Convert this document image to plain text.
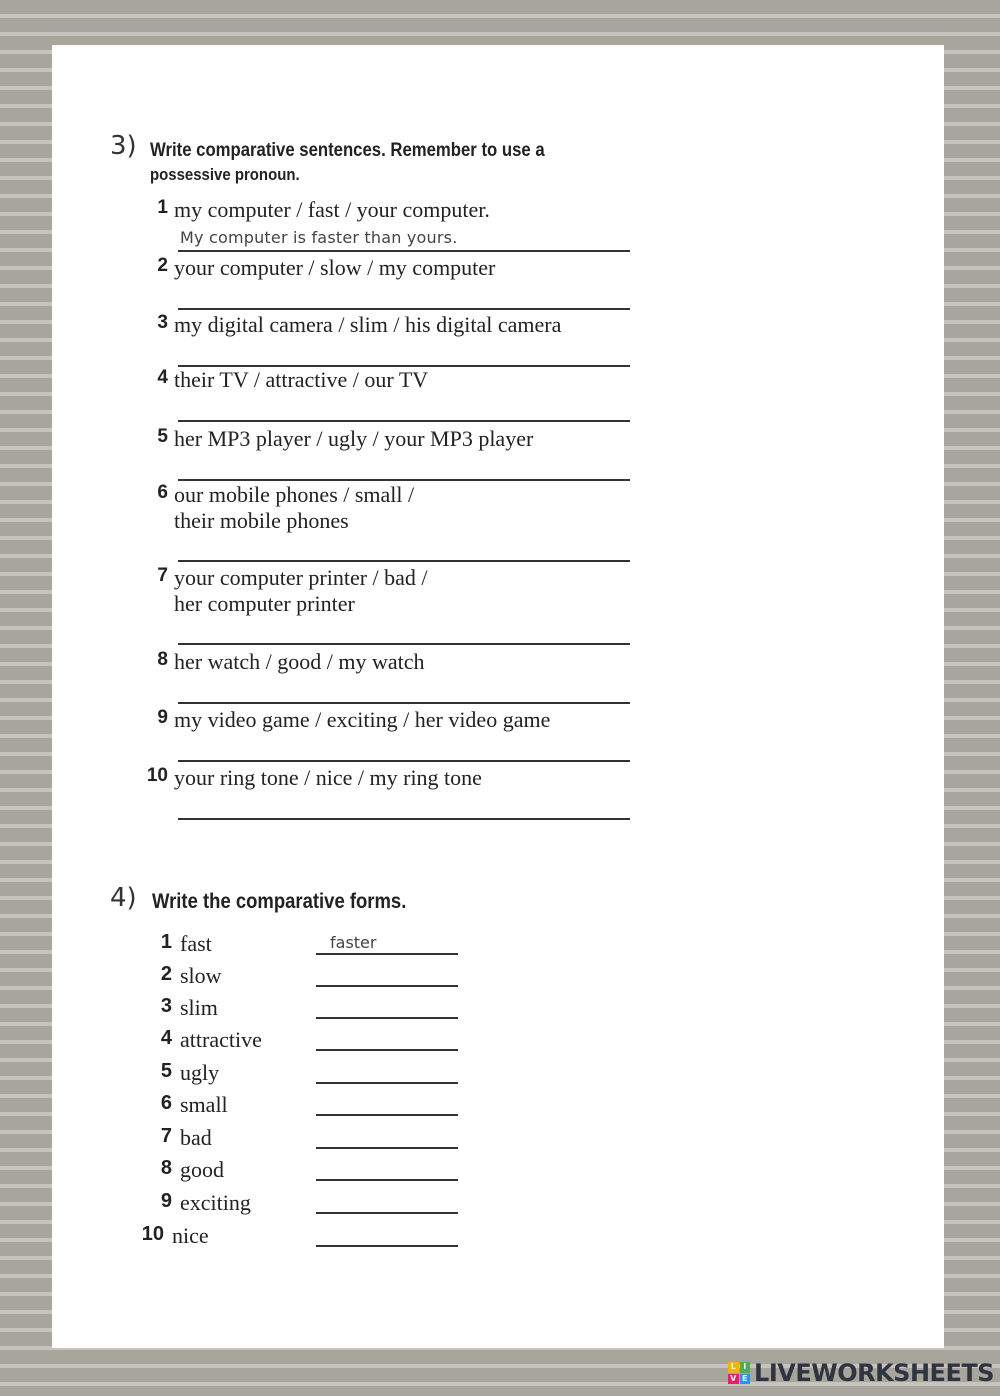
3) Write comparative sentences. Remember to use a
possessive pronoun.
1 my computer / fast / your computer.
My computer is faster than yours.
2 your computer / slow / my computer
3 my digital camera / slim / his digital camera
4 their TV / attractive / our TV
5 her MP3 player / ugly / your MP3 player
6 our mobile phones / small /
their mobile phones
7 your computer printer / bad /
her computer printer
8 her watch / good / my watch
9 my video game / exciting / her video game
10 your ring tone / nice / my ring tone
4) Write the comparative forms.
1 fast	faster
2 slow
3 slim
4 attractive
5 ugly
6 small
7 bad
8 good
9 exciting
10 nice
L I
V E LIVEWORKSHEETS
